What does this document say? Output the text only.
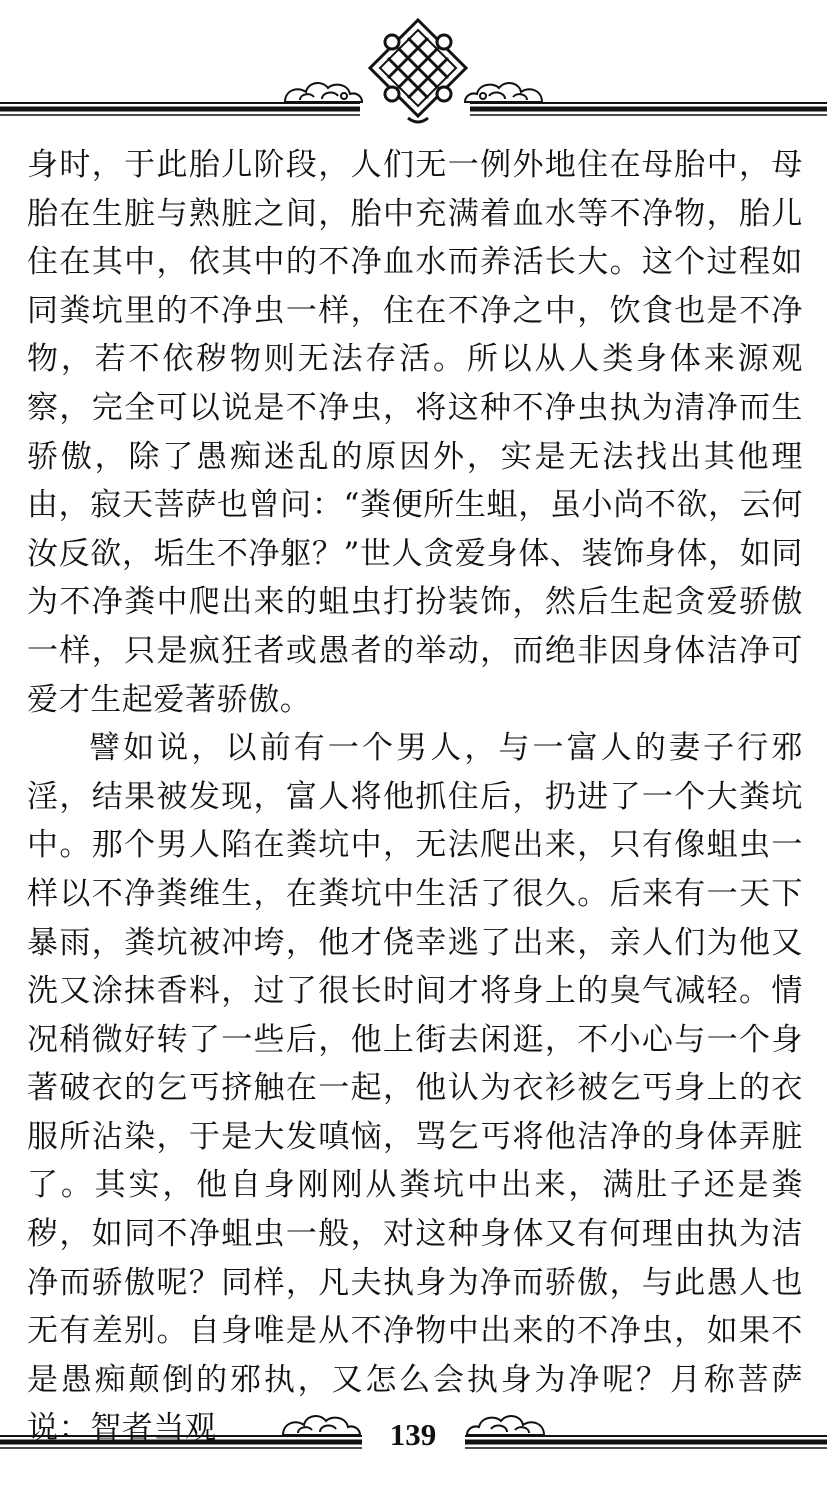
身时，于此胎儿阶段，人们无一例外地住在母胎中，母胎在生脏与熟脏之间，胎中充满着血水等不净物，胎儿住在其中，依其中的不净血水而养活长大。这个过程如同粪坑里的不净虫一样，住在不净之中，饮食也是不净物，若不依秽物则无法存活。所以从人类身体来源观察，完全可以说是不净虫，将这种不净虫执为清净而生骄傲，除了愚痴迷乱的原因外，实是无法找出其他理由，寂天菩萨也曾问：“粪便所生蛆，虽小尚不欲，云何汝反欲，垢生不净躯？”世人贪爱身体、装饰身体，如同为不净粪中爬出来的蛆虫打扮装饰，然后生起贪爱骄傲一样，只是疯狂者或愚者的举动，而绝非因身体洁净可爱才生起爱著骄傲。

譬如说，以前有一个男人，与一富人的妻子行邪淫，结果被发现，富人将他抓住后，扔进了一个大粪坑中。那个男人陷在粪坑中，无法爬出来，只有像蛆虫一样以不净粪维生，在粪坑中生活了很久。后来有一天下暴雨，粪坑被冲垮，他才侥幸逃了出来，亲人们为他又洗又涂抹香料，过了很长时间才将身上的臭气减轻。情况稍微好转了一些后，他上街去闲逛，不小心与一个身著破衣的乞丐挤触在一起，他认为衣衫被乞丐身上的衣服所沾染，于是大发嗔恼，骂乞丐将他洁净的身体弄脏了。其实，他自身刚刚从粪坑中出来，满肚子还是粪秽，如同不净蛆虫一般，对这种身体又有何理由执为洁净而骄傲呢？同样，凡夫执身为净而骄傲，与此愚人也无有差别。自身唯是从不净物中出来的不净虫，如果不是愚痴颠倒的邪执，又怎么会执身为净呢？月称菩萨说：智者当观	139
